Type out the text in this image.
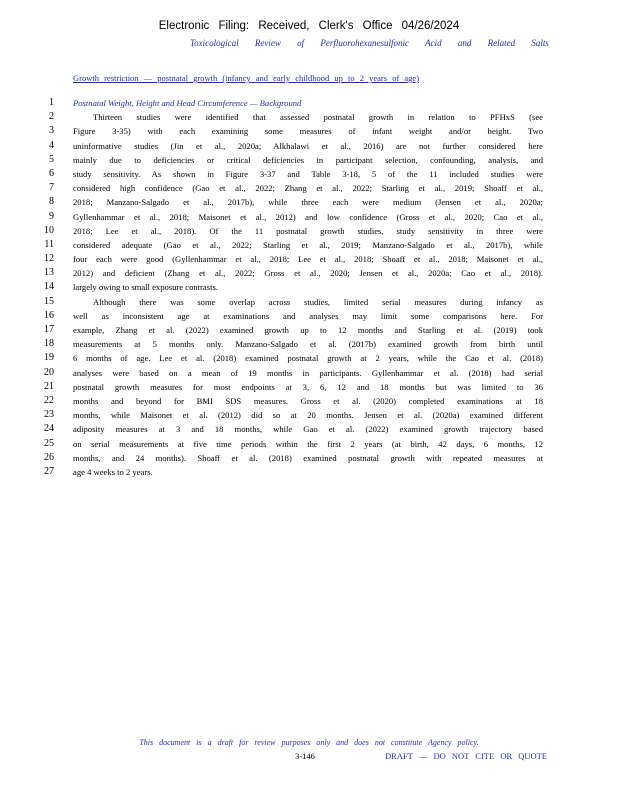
Electronic Filing: Received, Clerk's Office 04/26/2024
Toxicological Review of Perfluorohexanesulfonic Acid and Related Salts
Growth restriction — postnatal growth (infancy and early childhood up to 2 years of age)
1 Postnatal Weight, Height and Head Circumference — Background
2	Thirteen studies were identified that assessed postnatal growth in relation to PFHxS (see
3 Figure 3-35) with each examining some measures of infant weight and/or height. Two
4 uninformative studies (Jin et al., 2020a; Alkhalawi et al., 2016) are not further considered here
5 mainly due to deficiencies or critical deficiencies in participant selection, confounding, analysis, and
6 study sensitivity. As shown in Figure 3-37 and Table 3-18, 5 of the 11 included studies were
7 considered high confidence (Gao et al., 2022; Zhang et al., 2022; Starling et al., 2019; Shoaff et al.,
8 2018; Manzano-Salgado et al., 2017b), while three each were medium (Jensen et al., 2020a;
9 Gyllenhammar et al., 2018; Maisonet et al., 2012) and low confidence (Gross et al., 2020; Cao et al.,
10 2018; Lee et al., 2018). Of the 11 postnatal growth studies, study sensitivity in three were
11 considered adequate (Gao et al., 2022; Starling et al., 2019; Manzano-Salgado et al., 2017b), while
12 four each were good (Gyllenhammar et al., 2018; Lee et al., 2018; Shoaff et al., 2018; Maisonet et al.,
13 2012) and deficient (Zhang et al., 2022; Gross et al., 2020; Jensen et al., 2020a; Cao et al., 2018).
14 largely owing to small exposure contrasts.
15	Although there was some overlap across studies, limited serial measures during infancy as
16 well as inconsistent age at examinations and analyses may limit some comparisons here. For
17 example, Zhang et al. (2022) examined growth up to 12 months and Starling et al. (2019) took
18 measurements at 5 months only. Manzano-Salgado et al. (2017b) examined growth from birth until
19 6 months of age. Lee et al. (2018) examined postnatal growth at 2 years, while the Cao et al. (2018)
20 analyses were based on a mean of 19 months in participants. Gyllenhammar et al. (2018) had serial
21 postnatal growth measures for most endpoints at 3, 6, 12 and 18 months but was limited to 36
22 months and beyond for BMI SDS measures. Gross et al. (2020) completed examinations at 18
23 months, while Maisonet et al. (2012) did so at 20 months. Jensen et al. (2020a) examined different
24 adiposity measures at 3 and 18 months, while Gao et al. (2022) examined growth trajectory based
25 on serial measurements at five time periods within the first 2 years (at birth, 42 days, 6 months, 12
26 months, and 24 months). Shoaff et al. (2018) examined postnatal growth with repeated measures at
27 age 4 weeks to 2 years.
This document is a draft for review purposes only and does not constitute Agency policy.
3-146	DRAFT — DO NOT CITE OR QUOTE
